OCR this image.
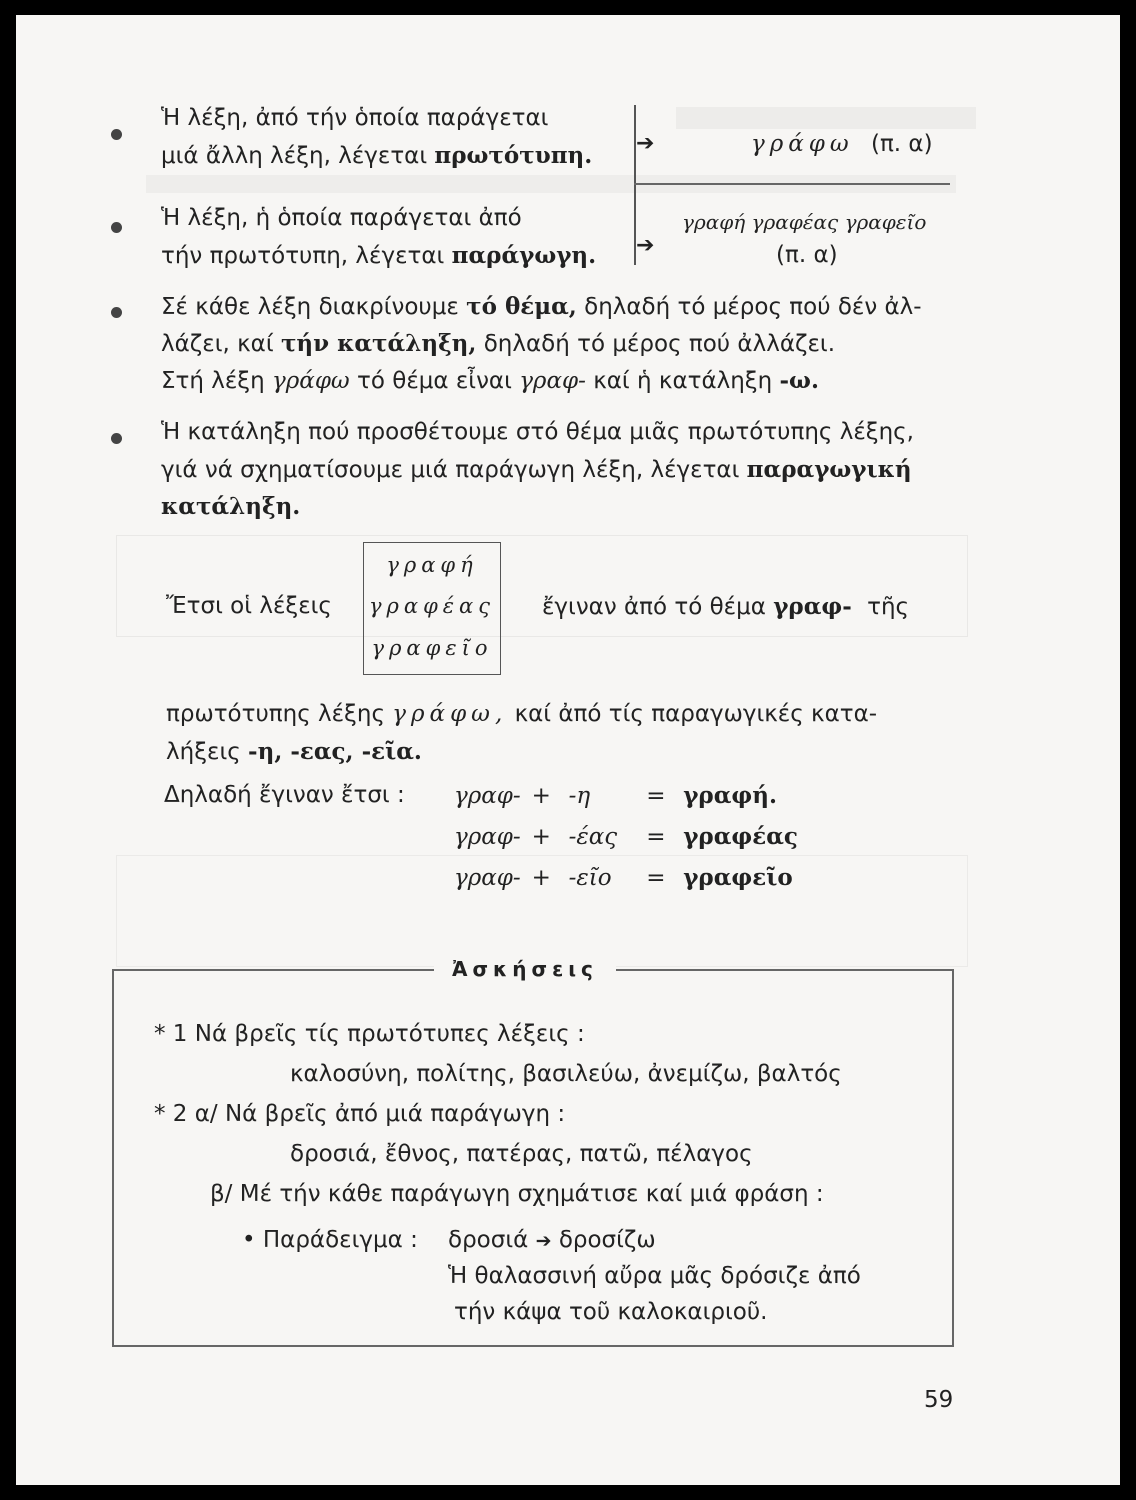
Ἡ λέξη, ἀπό τήν ὁποία παράγεται
μιά ἄλλη λέξη, λέγεται πρωτότυπη. ➔	γράφω (π. α)
Ἡ λέξη, ἡ ὁποία παράγεται ἀπό
τήν πρωτότυπη, λέγεται παράγωγη. ➔
γραφή γραφέας γραφεῖο
(π. α)
Σέ κάθε λέξη διακρίνουμε τό θέμα, δηλαδή τό μέρος πού δέν ἀλ-
λάζει, καί τήν κατάληξη, δηλαδή τό μέρος πού ἀλλάζει.
Στή λέξη γράφω τό θέμα εἶναι γραφ- καί ἡ κατάληξη -ω.
Ἡ κατάληξη πού προσθέτουμε στό θέμα μιᾶς πρωτότυπης λέξης,
γιά νά σχηματίσουμε μιά παράγωγη λέξη, λέγεται παραγωγική
κατάληξη.
Ἔτσι οἱ λέξεις
γραφή
γραφέας
γραφεῖο
ἔγιναν ἀπό τό θέμα γραφ- τῆς
πρωτότυπης λέξης γράφω, καί ἀπό τίς παραγωγικές κατα-
λήξεις -η, -εας, -εῖα.
Δηλαδή ἔγιναν ἔτσι : γραφ- + -η = γραφή.
γραφ- + -έας = γραφέας
γραφ- + -εῖο = γραφεῖο
Ἀσκήσεις
* 1 Νά βρεῖς τίς πρωτότυπες λέξεις :
καλοσύνη, πολίτης, βασιλεύω, ἀνεμίζω, βαλτός
* 2 α/ Νά βρεῖς ἀπό μιά παράγωγη :
δροσιά, ἔθνος, πατέρας, πατῶ, πέλαγος
β/ Μέ τήν κάθε παράγωγη σχημάτισε καί μιά φράση :
• Παράδειγμα : δροσιά ➔ δροσίζω
Ἡ θαλασσινή αὔρα μᾶς δρόσιζε ἀπό
τήν κάψα τοῦ καλοκαιριοῦ.
59
